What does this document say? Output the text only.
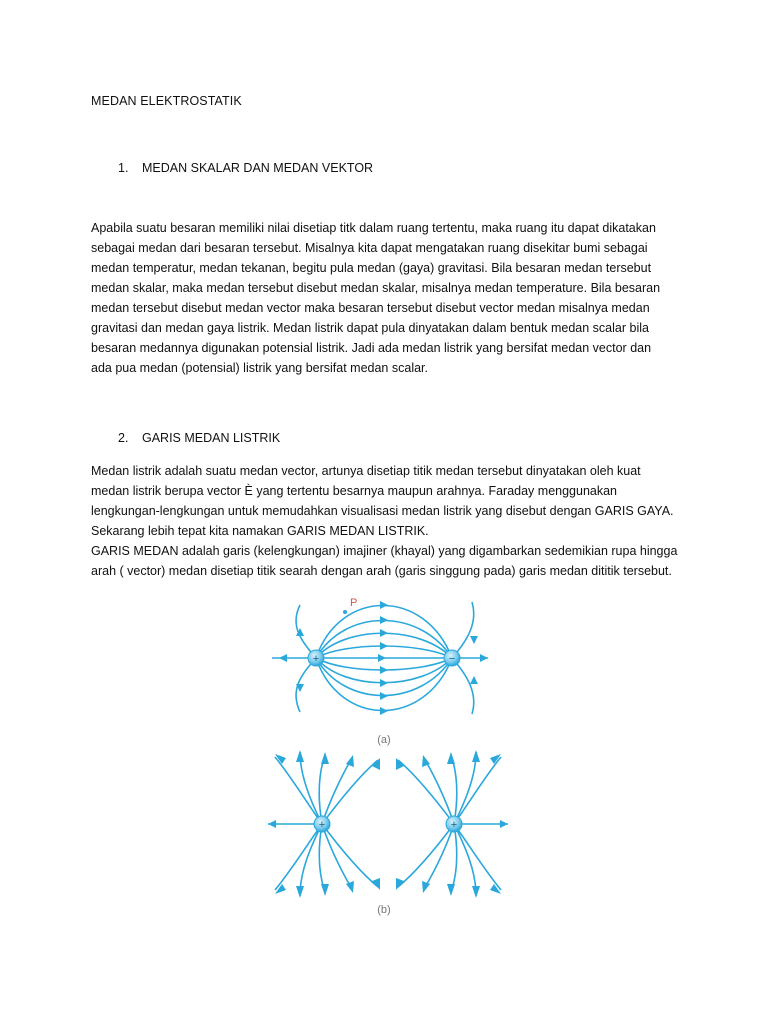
MEDAN ELEKTROSTATIK
1. MEDAN SKALAR DAN MEDAN VEKTOR

Apabila suatu besaran memiliki nilai disetiap titk dalam ruang tertentu, maka ruang itu dapat dikatakan
sebagai medan dari besaran tersebut. Misalnya kita dapat mengatakan ruang disekitar bumi sebagai
medan temperatur, medan tekanan, begitu pula medan (gaya) gravitasi. Bila besaran medan tersebut
medan skalar, maka medan tersebut disebut medan skalar, misalnya medan temperature. Bila besaran
medan tersebut disebut medan vector maka besaran tersebut disebut vector medan misalnya medan
gravitasi dan medan gaya listrik. Medan listrik dapat pula dinyatakan dalam bentuk medan scalar bila
besaran medannya digunakan potensial listrik. Jadi ada medan listrik yang bersifat medan vector dan
ada pua medan (potensial) listrik yang bersifat medan scalar.

2. GARIS MEDAN LISTRIK

Medan listrik adalah suatu medan vector, artunya disetiap titik medan tersebut dinyatakan oleh kuat
medan listrik berupa vector È yang tertentu besarnya maupun arahnya. Faraday menggunakan
lengkungan-lengkungan untuk memudahkan visualisasi medan listrik yang disebut dengan GARIS GAYA.
Sekarang lebih tepat kita namakan GARIS MEDAN LISTRIK.
GARIS MEDAN adalah garis (kelengkungan) imajiner (khayal) yang digambarkan sedemikian rupa hingga
arah ( vector) medan disetiap titik searah dengan arah (garis singgung pada) garis medan dititik tersebut.

P
+	−
(a)
+	+
(b)
